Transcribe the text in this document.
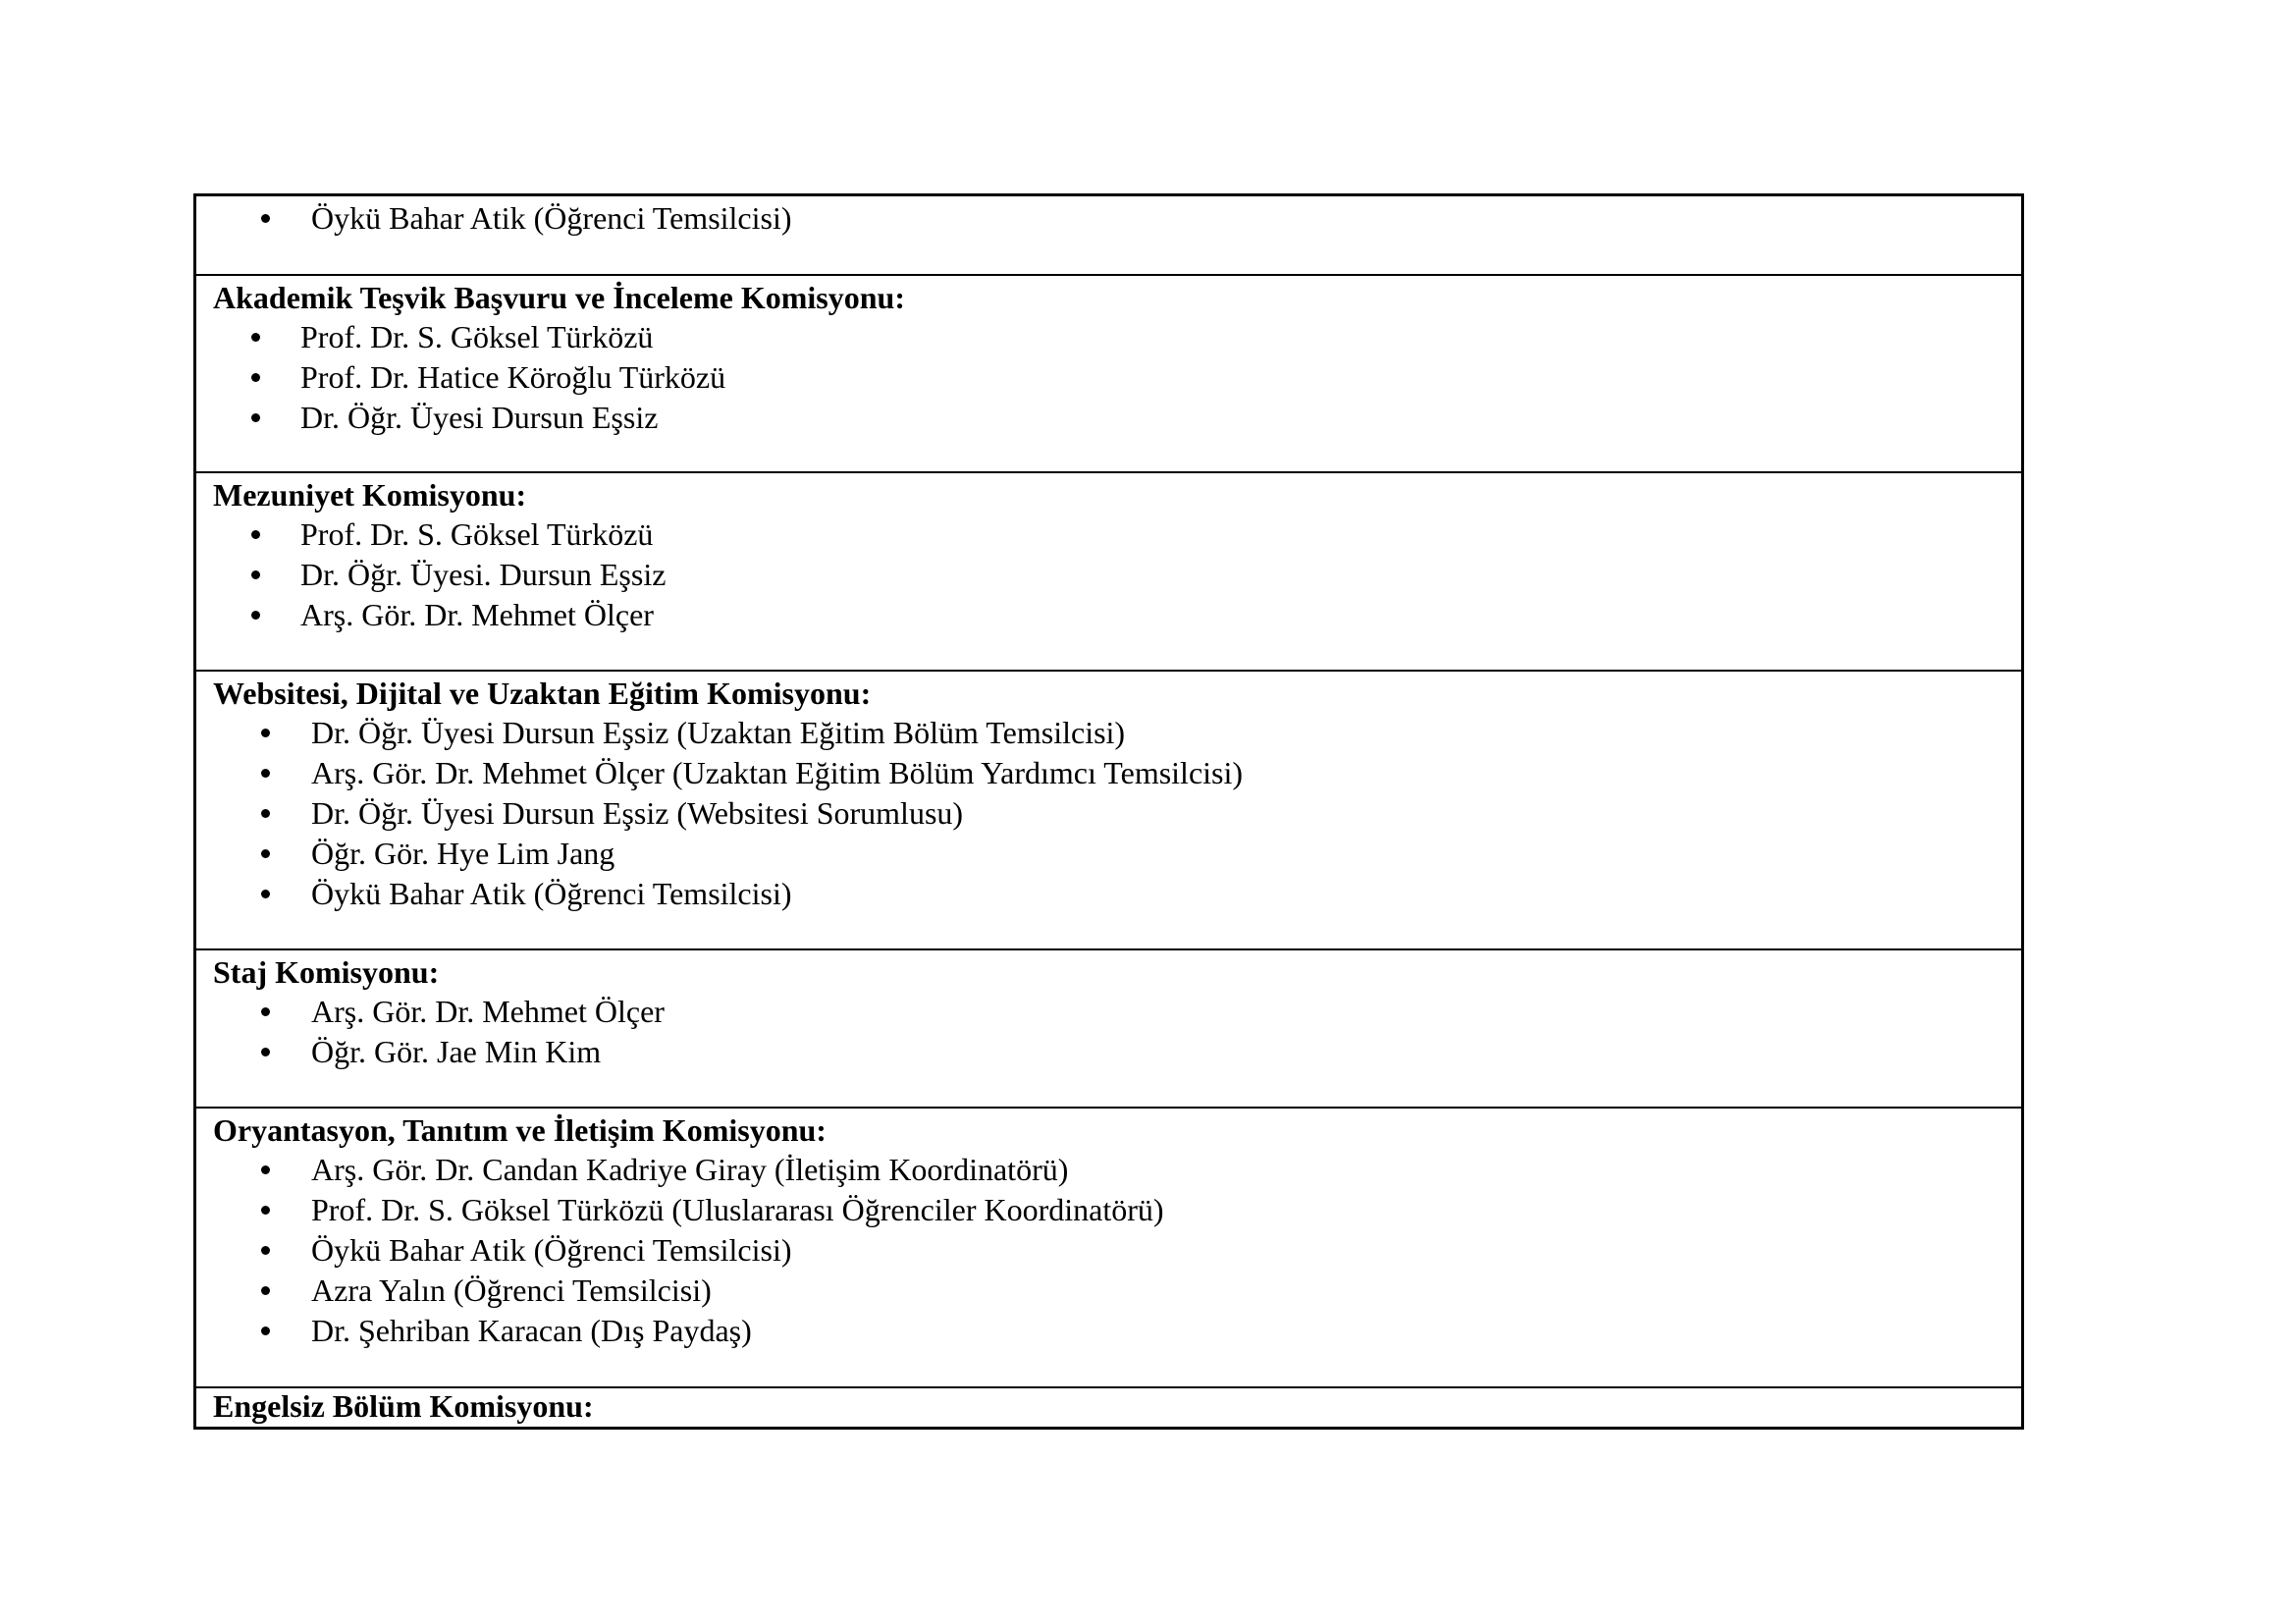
Öykü Bahar Atik (Öğrenci Temsilcisi)
Akademik Teşvik Başvuru ve İnceleme Komisyonu:
Prof. Dr. S. Göksel Türközü
Prof. Dr. Hatice Köroğlu Türközü
Dr. Öğr. Üyesi Dursun Eşsiz
Mezuniyet Komisyonu:
Prof. Dr. S. Göksel Türközü
Dr. Öğr. Üyesi. Dursun Eşsiz
Arş. Gör. Dr. Mehmet Ölçer
Websitesi, Dijital ve Uzaktan Eğitim Komisyonu:
Dr. Öğr. Üyesi Dursun Eşsiz (Uzaktan Eğitim Bölüm Temsilcisi)
Arş. Gör. Dr. Mehmet Ölçer (Uzaktan Eğitim Bölüm Yardımcı Temsilcisi)
Dr. Öğr. Üyesi Dursun Eşsiz (Websitesi Sorumlusu)
Öğr. Gör. Hye Lim Jang
Öykü Bahar Atik (Öğrenci Temsilcisi)
Staj Komisyonu:
Arş. Gör. Dr. Mehmet Ölçer
Öğr. Gör. Jae Min Kim
Oryantasyon, Tanıtım ve İletişim Komisyonu:
Arş. Gör. Dr. Candan Kadriye Giray (İletişim Koordinatörü)
Prof. Dr. S. Göksel Türközü (Uluslararası Öğrenciler Koordinatörü)
Öykü Bahar Atik (Öğrenci Temsilcisi)
Azra Yalın (Öğrenci Temsilcisi)
Dr. Şehriban Karacan (Dış Paydaş)
Engelsiz Bölüm Komisyonu:
